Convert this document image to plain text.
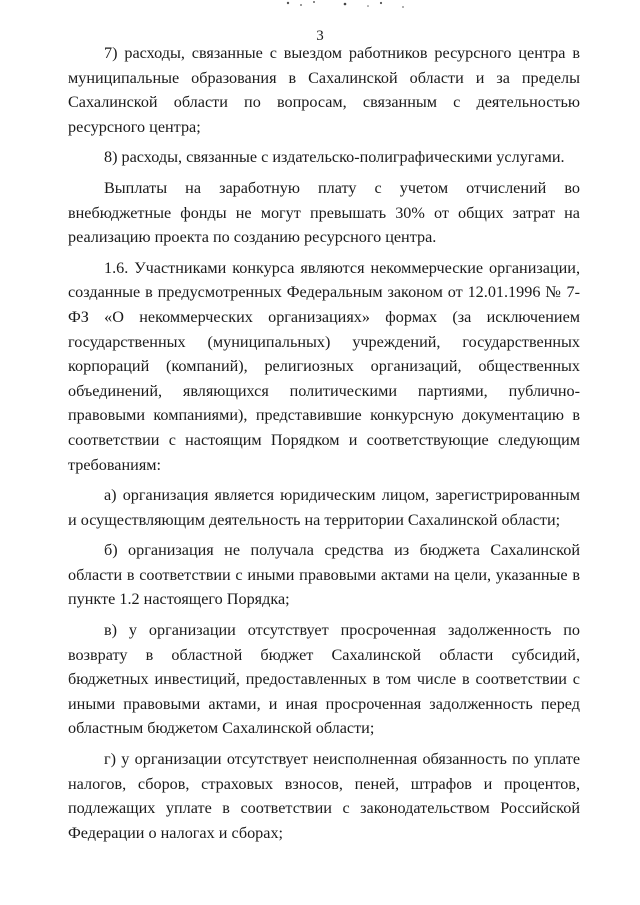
3

7) расходы, связанные с выездом работников ресурсного центра в муниципальные образования в Сахалинской области и за пределы Сахалинской области по вопросам, связанным с деятельностью ресурсного центра;

8) расходы, связанные с издательско-полиграфическими услугами.

Выплаты на заработную плату с учетом отчислений во внебюджетные фонды не могут превышать 30% от общих затрат на реализацию проекта по созданию ресурсного центра.

1.6. Участниками конкурса являются некоммерческие организации, созданные в предусмотренных Федеральным законом от 12.01.1996 № 7-ФЗ «О некоммерческих организациях» формах (за исключением государственных (муниципальных) учреждений, государственных корпораций (компаний), религиозных организаций, общественных объединений, являющихся политическими партиями, публично-правовыми компаниями), представившие конкурсную документацию в соответствии с настоящим Порядком и соответствующие следующим требованиям:

а) организация является юридическим лицом, зарегистрированным и осуществляющим деятельность на территории Сахалинской области;

б) организация не получала средства из бюджета Сахалинской области в соответствии с иными правовыми актами на цели, указанные в пункте 1.2 настоящего Порядка;

в) у организации отсутствует просроченная задолженность по возврату в областной бюджет Сахалинской области субсидий, бюджетных инвестиций, предоставленных в том числе в соответствии с иными правовыми актами, и иная просроченная задолженность перед областным бюджетом Сахалинской области;

г) у организации отсутствует неисполненная обязанность по уплате налогов, сборов, страховых взносов, пеней, штрафов и процентов, подлежащих уплате в соответствии с законодательством Российской Федерации о налогах и сборах;
